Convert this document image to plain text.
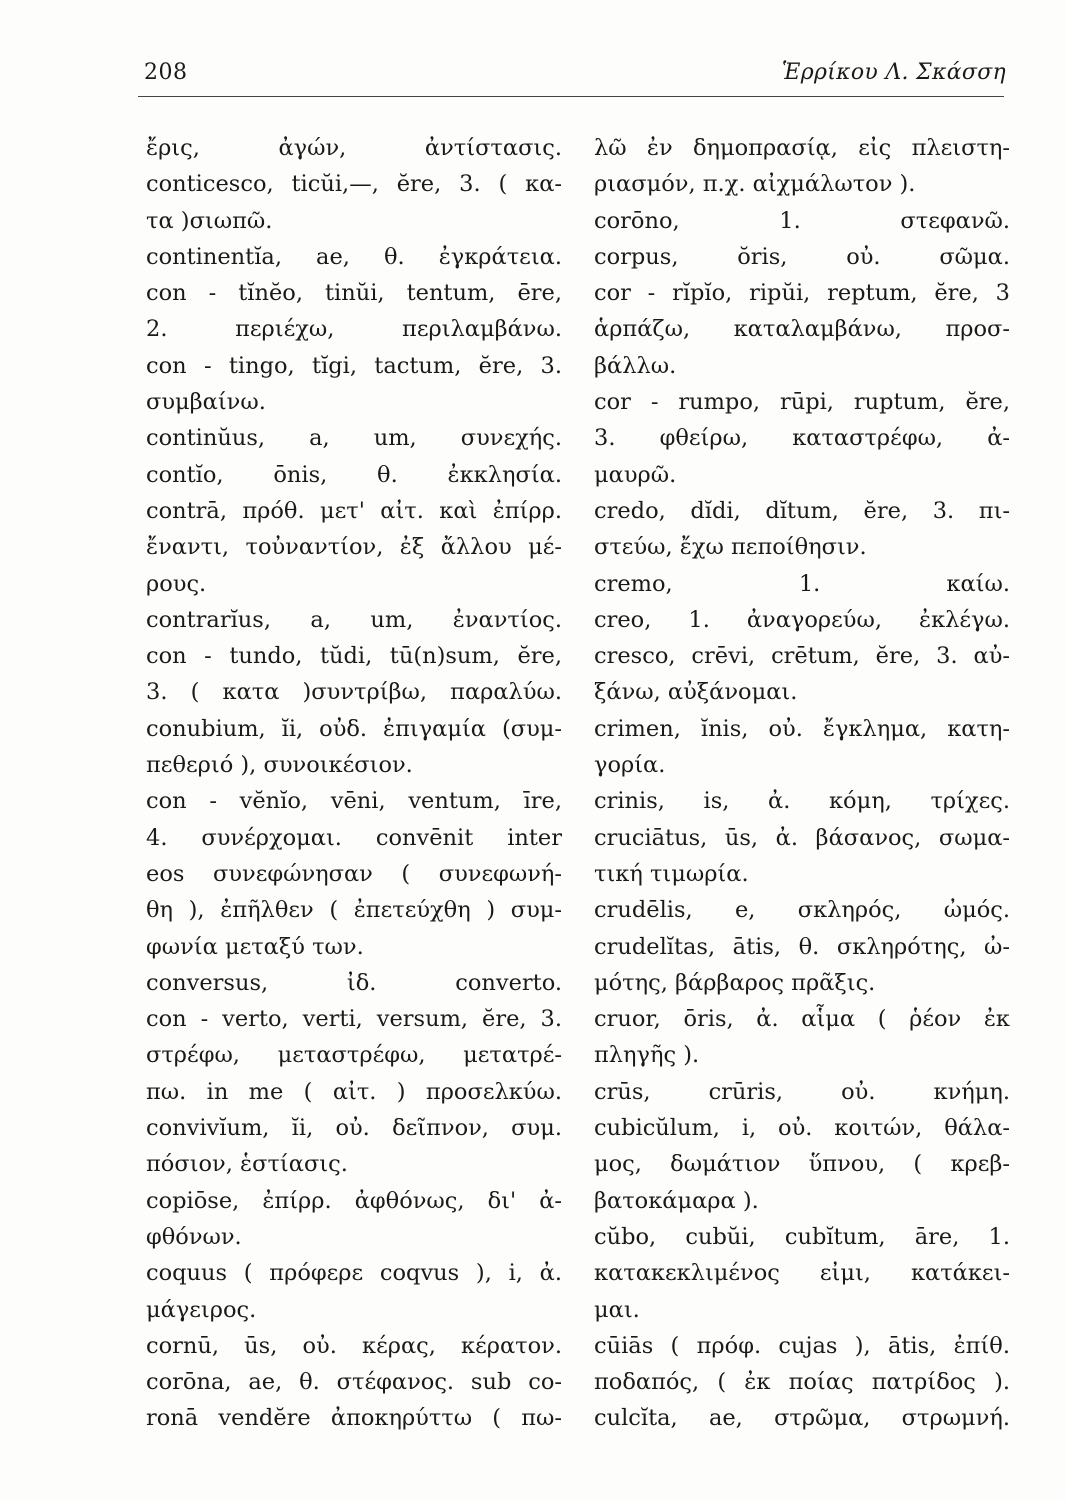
208	Ἑρρίκου Λ. Σκάσση
ἔρις, ἀγών, ἀντίστασις.
conticesco, ticŭi,—, ĕre, 3. ( κα-
τα )σιωπῶ.
continentĭa, ae, θ. ἐγκράτεια.
con - tĭnĕo, tinŭi, tentum, ēre,
2. περιέχω, περιλαμβάνω.
con - tingo, tĭgi, tactum, ĕre, 3.
συμβαίνω.
continŭus, a, um, συνεχής.
contĭo, ōnis, θ. ἐκκλησία.
contrā, πρόθ. μετ' αἰτ. καὶ ἐπίρρ.
ἔναντι, τοὐναντίον, ἐξ ἄλλου μέ-
ρους.
contrarĭus, a, um, ἐναντίος.
con - tundo, tŭdi, tū(n)sum, ĕre,
3. ( κατα )συντρίβω, παραλύω.
conubium, ĭi, οὐδ. ἐπιγαμία (συμ-
πεθεριό ), συνοικέσιον.
con - vĕnĭo, vēni, ventum, īre,
4. συνέρχομαι. convēnit inter
eos συνεφώνησαν ( συνεφωνή-
θη ), ἐπῆλθεν ( ἐπετεύχθη ) συμ-
φωνία μεταξύ των.
conversus, ἰδ. converto.
con - verto, verti, versum, ĕre, 3.
στρέφω, μεταστρέφω, μετατρέ-
πω. in me ( αἰτ. ) προσελκύω.
convivĭum, ĭi, οὐ. δεῖπνον, συμ.
πόσιον, ἑστίασις.
copiōse, ἐπίρρ. ἀφθόνως, δι' ἀ-
φθόνων.
coquus ( πρόφερε coqvus ), i, ἀ.
μάγειρος.
cornū, ūs, οὐ. κέρας, κέρατον.
corōna, ae, θ. στέφανος. sub co-
ronā vendĕre ἀποκηρύττω ( πω-
λῶ ἐν δημοπρασίᾳ, εἰς πλειστη-
ριασμόν, π.χ. αἰχμάλωτον ).
corōno, 1. στεφανῶ.
corpus, ŏris, οὐ. σῶμα.
cor - rĭpĭo, ripŭi, reptum, ĕre, 3
ἁρπάζω, καταλαμβάνω, προσ-
βάλλω.
cor - rumpo, rūpi, ruptum, ĕre,
3. φθείρω, καταστρέφω, ἀ-
μαυρῶ.
credo, dĭdi, dĭtum, ĕre, 3. πι-
στεύω, ἔχω πεποίθησιν.
cremo, 1. καίω.
creo, 1. ἀναγορεύω, ἐκλέγω.
cresco, crēvi, crētum, ĕre, 3. αὐ-
ξάνω, αὐξάνομαι.
crimen, ĭnis, οὐ. ἔγκλημα, κατη-
γορία.
crinis, is, ἀ. κόμη, τρίχες.
cruciātus, ūs, ἀ. βάσανος, σωμα-
τική τιμωρία.
crudēlis, e, σκληρός, ὠμός.
crudelĭtas, ātis, θ. σκληρότης, ὠ-
μότης, βάρβαρος πρᾶξις.
cruor, ōris, ἀ. αἷμα ( ῥέον ἐκ
πληγῆς ).
crūs, crūris, οὐ. κνήμη.
cubicŭlum, i, οὐ. κοιτών, θάλα-
μος, δωμάτιον ὕπνου, ( κρεβ-
βατοκάμαρα ).
cŭbo, cubŭi, cubĭtum, āre, 1.
κατακεκλιμένος εἰμι, κατάκει-
μαι.
cūiās ( πρόφ. cujas ), ātis, ἐπίθ.
ποδαπός, ( ἐκ ποίας πατρίδος ).
culcĭta, ae, στρῶμα, στρωμνή.
